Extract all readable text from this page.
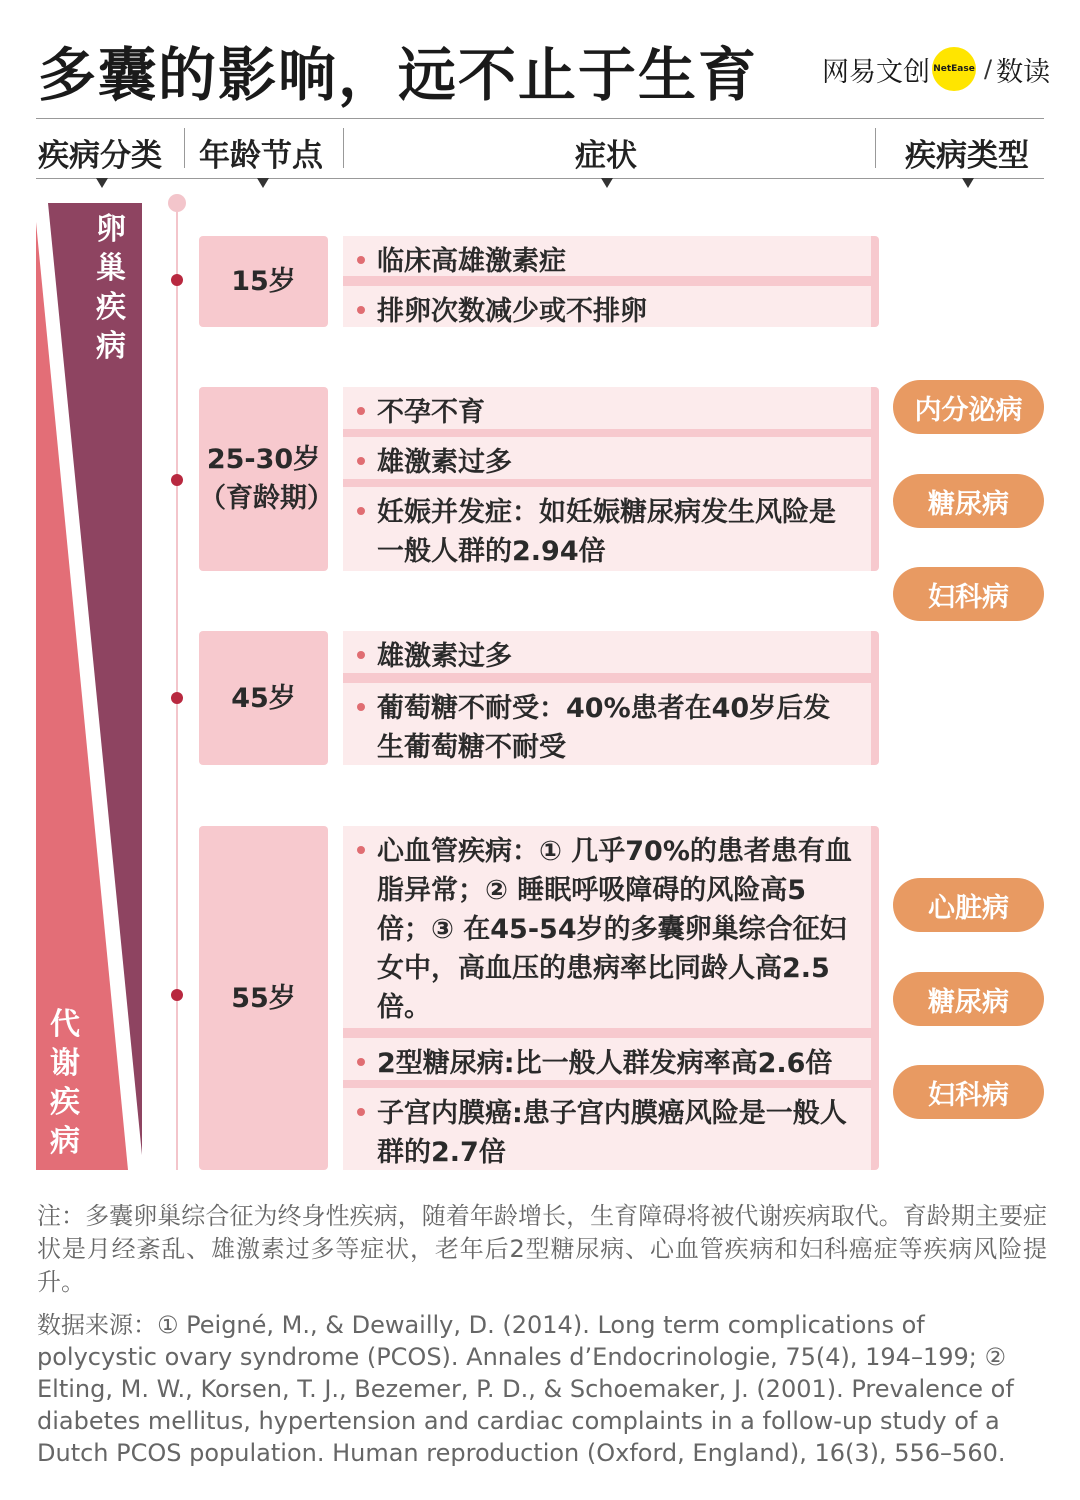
多囊的影响，远不止于生育 网易文创 NetEase / 数读
疾病分类 年龄节点	症状	疾病类型
卵巢疾病
代谢疾病
15岁
临床高雄激素症
排卵次数减少或不排卵
25-30岁
（育龄期）
不孕不育
雄激素过多
妊娠并发症：如妊娠糖尿病发生风险是一般人群的2.94倍
45岁
雄激素过多
葡萄糖不耐受：40%患者在40岁后发生葡萄糖不耐受
55岁
心血管疾病：① 几乎70%的患者患有血脂异常；② 睡眠呼吸障碍的风险高5倍；③ 在45-54岁的多囊卵巢综合征妇女中，高血压的患病率比同龄人高2.5倍。
2型糖尿病:比一般人群发病率高2.6倍
子宫内膜癌:患子宫内膜癌风险是一般人群的2.7倍
内分泌病
糖尿病
妇科病
心脏病
糖尿病
妇科病
注：多囊卵巢综合征为终身性疾病，随着年龄增长，生育障碍将被代谢疾病取代。育龄期主要症状是月经紊乱、雄激素过多等症状，老年后2型糖尿病、心血管疾病和妇科癌症等疾病风险提升。
数据来源：① Peigné, M., & Dewailly, D. (2014). Long term complications of polycystic ovary syndrome (PCOS). Annales d’Endocrinologie, 75(4), 194–199; ② Elting, M. W., Korsen, T. J., Bezemer, P. D., & Schoemaker, J. (2001). Prevalence of diabetes mellitus, hypertension and cardiac complaints in a follow-up study of a Dutch PCOS population. Human reproduction (Oxford, England), 16(3), 556–560.
